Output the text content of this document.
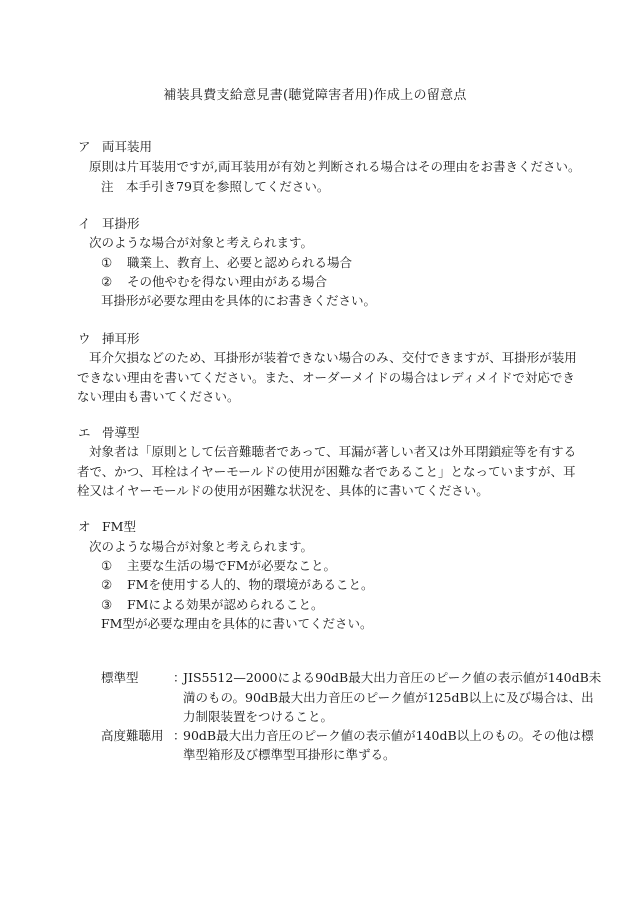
補装具費支給意見書(聴覚障害者用)作成上の留意点
ア 両耳装用
原則は片耳装用ですが,両耳装用が有効と判断される場合はその理由をお書きください。
注　本手引き79頁を参照してください。
イ 耳掛形
次のような場合が対象と考えられます。
① 職業上、教育上、必要と認められる場合
② その他やむを得ない理由がある場合
耳掛形が必要な理由を具体的にお書きください。
ウ 挿耳形
耳介欠損などのため、耳掛形が装着できない場合のみ、交付できますが、耳掛形が装用
できない理由を書いてください。また、オーダーメイドの場合はレディメイドで対応でき
ない理由も書いてください。
エ 骨導型
対象者は「原則として伝音難聴者であって、耳漏が著しい者又は外耳閉鎖症等を有する
者で、かつ、耳栓はイヤーモールドの使用が困難な者であること」となっていますが、耳
栓又はイヤーモールドの使用が困難な状況を、具体的に書いてください。
オ FM型
次のような場合が対象と考えられます。
① 主要な生活の場でFMが必要なこと。
② FMを使用する人的、物的環境があること。
③ FMによる効果が認められること。
FM型が必要な理由を具体的に書いてください。
標準型	：
JIS5512—2000による90dB最大出力音圧のピーク値の表示値が140dB未
満のもの。90dB最大出力音圧のピーク値が125dB以上に及び場合は、出
力制限装置をつけること。
高度難聴用 ：
90dB最大出力音圧のピーク値の表示値が140dB以上のもの。その他は標
準型箱形及び標準型耳掛形に準ずる。
